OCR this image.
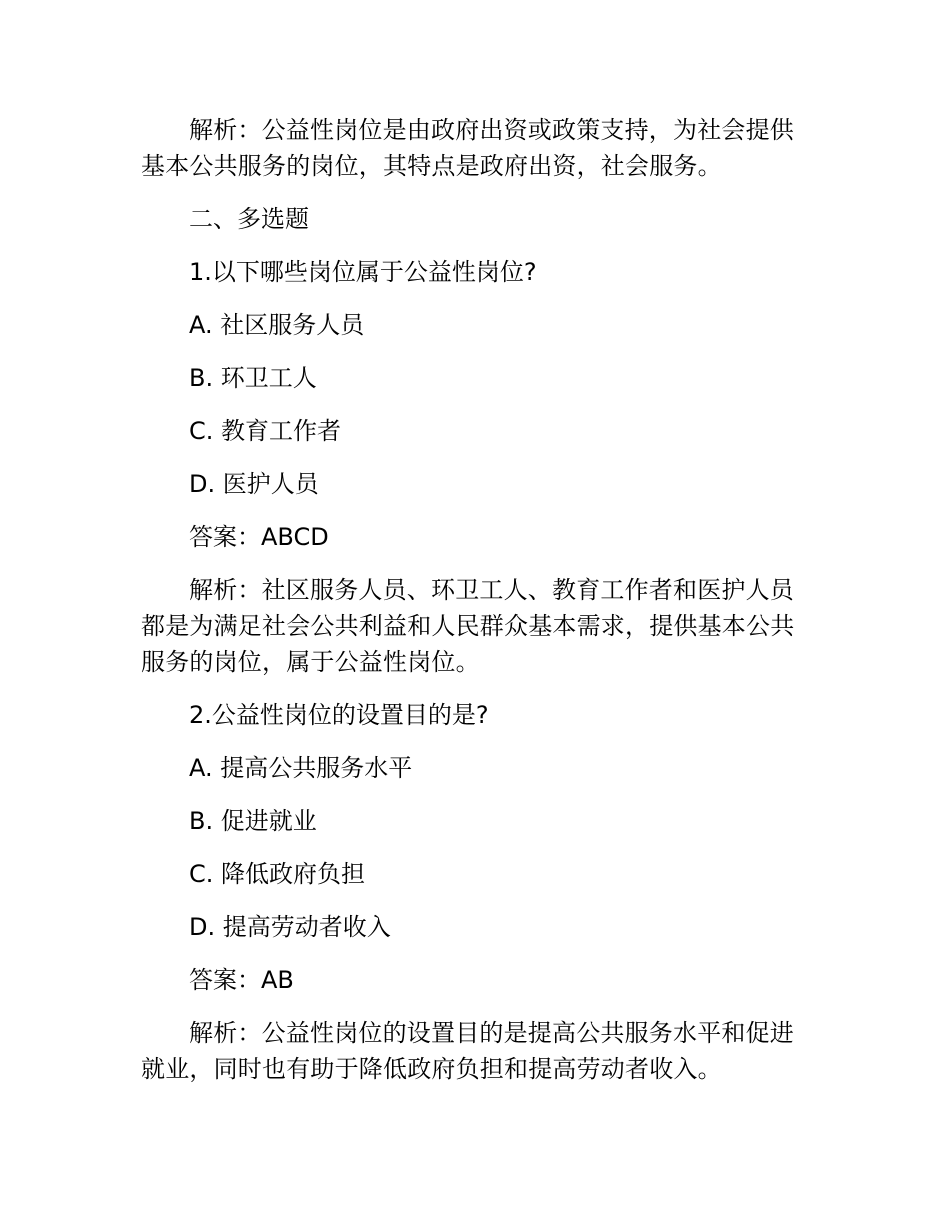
解析：公益性岗位是由政府出资或政策支持，为社会提供基本公共服务的岗位，其特点是政府出资，社会服务。

二、多选题

1.以下哪些岗位属于公益性岗位?

A. 社区服务人员

B. 环卫工人

C. 教育工作者

D. 医护人员

答案：ABCD

解析：社区服务人员、环卫工人、教育工作者和医护人员都是为满足社会公共利益和人民群众基本需求，提供基本公共服务的岗位，属于公益性岗位。

2.公益性岗位的设置目的是?

A. 提高公共服务水平

B. 促进就业

C. 降低政府负担

D. 提高劳动者收入

答案：AB

解析：公益性岗位的设置目的是提高公共服务水平和促进就业，同时也有助于降低政府负担和提高劳动者收入。
